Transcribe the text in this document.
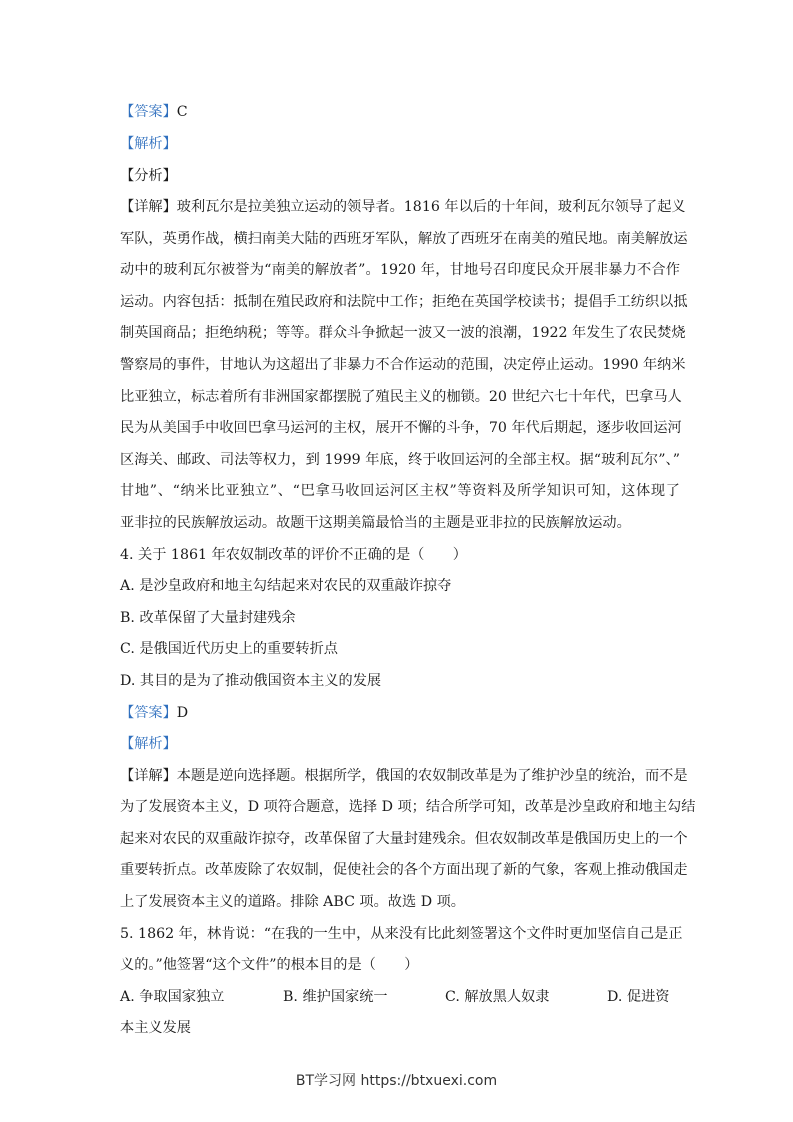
【答案】C
【解析】
【分析】
【详解】玻利瓦尔是拉美独立运动的领导者。1816 年以后的十年间，玻利瓦尔领导了起义
军队，英勇作战，横扫南美大陆的西班牙军队，解放了西班牙在南美的殖民地。南美解放运
动中的玻利瓦尔被誉为“南美的解放者”。1920 年，甘地号召印度民众开展非暴力不合作
运动。内容包括：抵制在殖民政府和法院中工作；拒绝在英国学校读书；提倡手工纺织以抵
制英国商品；拒绝纳税；等等。群众斗争掀起一波又一波的浪潮，1922 年发生了农民焚烧
警察局的事件，甘地认为这超出了非暴力不合作运动的范围，决定停止运动。1990 年纳米
比亚独立，标志着所有非洲国家都摆脱了殖民主义的枷锁。20 世纪六七十年代，巴拿马人
民为从美国手中收回巴拿马运河的主权，展开不懈的斗争，70 年代后期起，逐步收回运河
区海关、邮政、司法等权力，到 1999 年底，终于收回运河的全部主权。据“玻利瓦尔”、”
甘地”、“纳米比亚独立”、“巴拿马收回运河区主权”等资料及所学知识可知，这体现了
亚非拉的民族解放运动。故题干这期美篇最恰当的主题是亚非拉的民族解放运动。
4. 关于 1861 年农奴制改革的评价不正确的是（　　）
A. 是沙皇政府和地主勾结起来对农民的双重敲诈掠夺
B. 改革保留了大量封建残余
C. 是俄国近代历史上的重要转折点
D. 其目的是为了推动俄国资本主义的发展
【答案】D
【解析】
【详解】本题是逆向选择题。根据所学，俄国的农奴制改革是为了维护沙皇的统治，而不是
为了发展资本主义，D 项符合题意，选择 D 项；结合所学可知，改革是沙皇政府和地主勾结
起来对农民的双重敲诈掠夺，改革保留了大量封建残余。但农奴制改革是俄国历史上的一个
重要转折点。改革废除了农奴制，促使社会的各个方面出现了新的气象，客观上推动俄国走
上了发展资本主义的道路。排除 ABC 项。故选 D 项。
5. 1862 年，林肯说：“在我的一生中，从来没有比此刻签署这个文件时更加坚信自己是正
义的。”他签署“这个文件”的根本目的是（　　）
A. 争取国家独立	B. 维护国家统一	C. 解放黑人奴隶	D. 促进资
本主义发展
BT学习网 https://btxuexi.com
